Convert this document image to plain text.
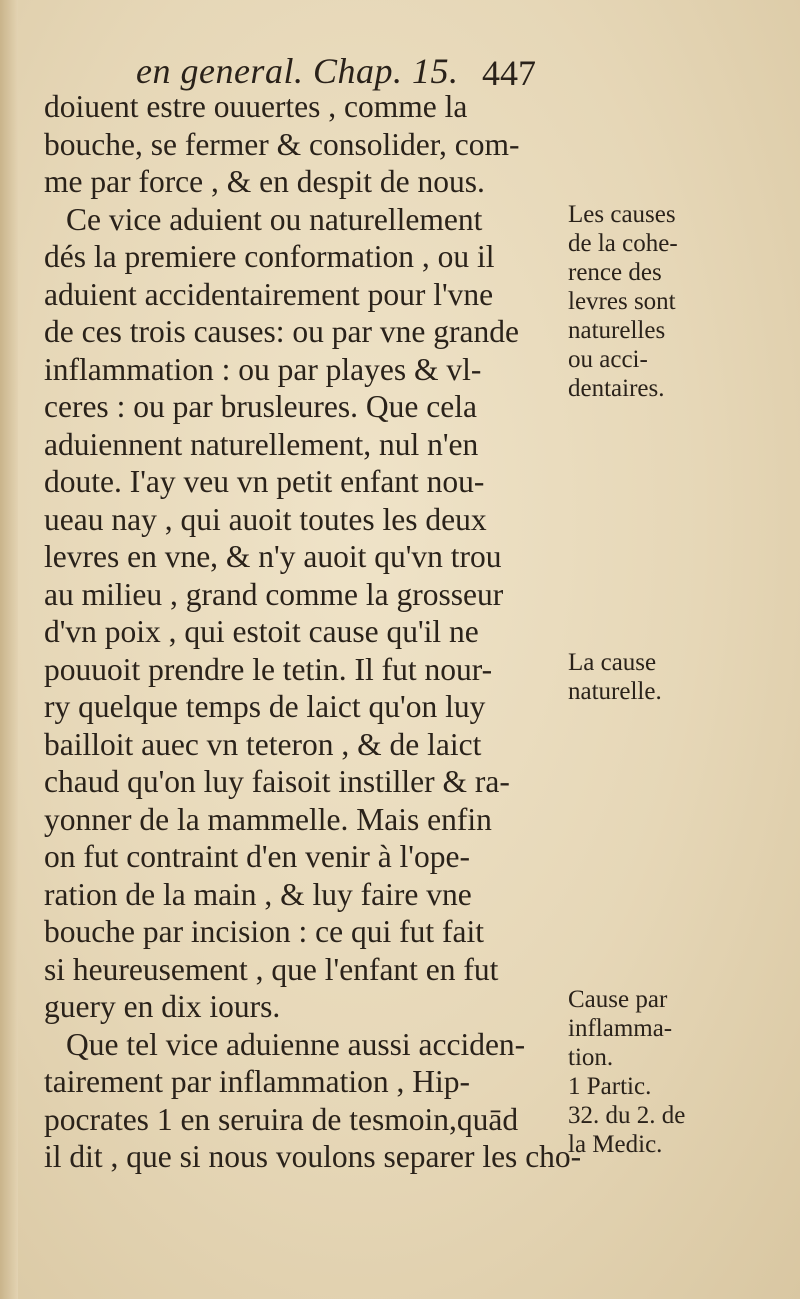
en general. Chap. 15. 447
doiuent estre ouuertes , comme la
bouche, se fermer & consolider, com-
me par force , & en despit de nous.
Ce vice aduient ou naturellement
dés la premiere conformation , ou il
aduient accidentairement pour l'vne
de ces trois causes: ou par vne grande
inflammation : ou par playes & vl-
ceres : ou par brusleures. Que cela
aduiennent naturellement, nul n'en
doute. I'ay veu vn petit enfant nou-
ueau nay , qui auoit toutes les deux
levres en vne, & n'y auoit qu'vn trou
au milieu , grand comme la grosseur
d'vn poix , qui estoit cause qu'il ne
pouuoit prendre le tetin. Il fut nour-
ry quelque temps de laict qu'on luy
bailloit auec vn teteron , & de laict
chaud qu'on luy faisoit instiller & ra-
yonner de la mammelle. Mais enfin
on fut contraint d'en venir à l'ope-
ration de la main , & luy faire vne
bouche par incision : ce qui fut fait
si heureusement , que l'enfant en fut
guery en dix iours.
Que tel vice aduienne aussi acciden-
tairement par inflammation , Hip-
pocrates 1 en seruira de tesmoin,quād
il dit , que si nous voulons separer les cho-
Les causes
de la cohe-
rence des
levres sont
naturelles
ou acci-
dentaires.
La cause
naturelle.
Cause par
inflamma-
tion.
1 Partic.
32. du 2. de
la Medic.
